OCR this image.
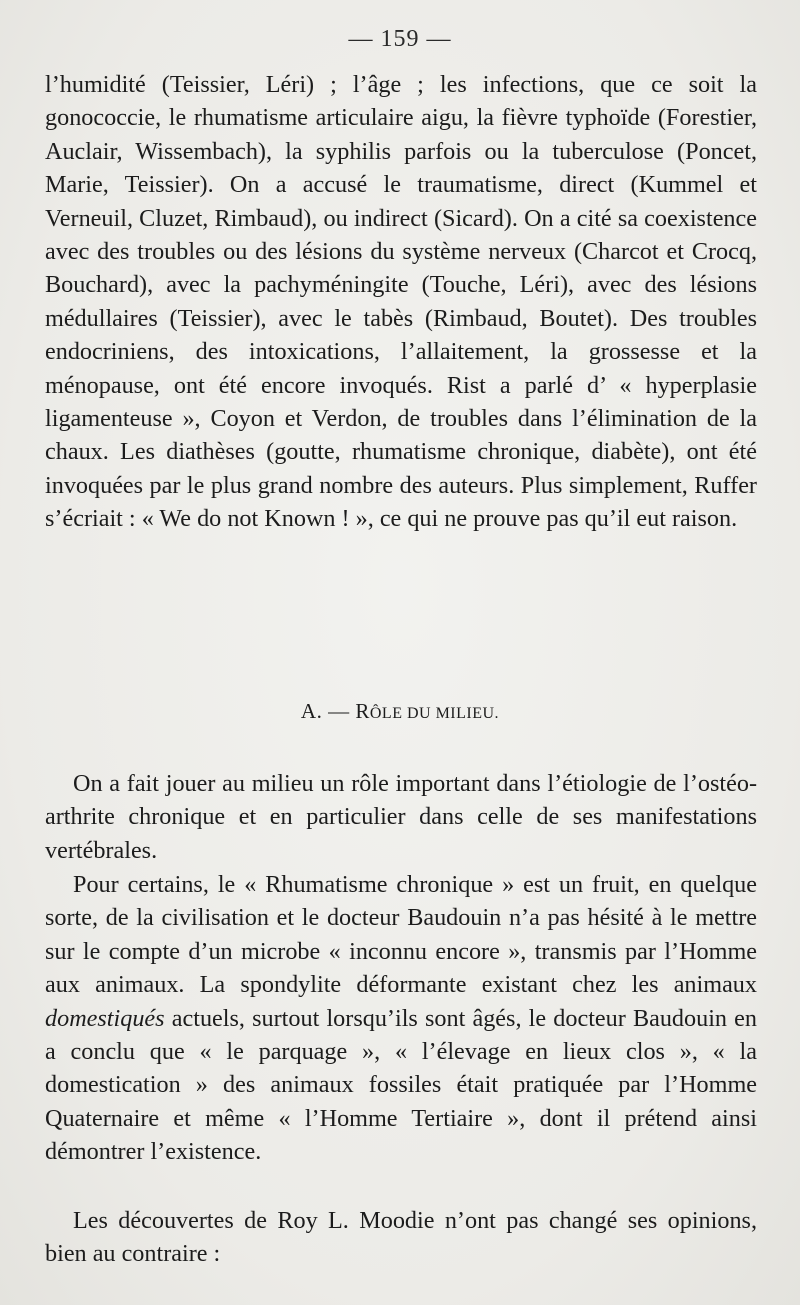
— 159 —

l’humidité (Teissier, Léri) ; l’âge ; les infections, que ce soit la gonococcie, le rhumatisme articulaire aigu, la fièvre typhoïde (Forestier, Auclair, Wissembach), la syphilis parfois ou la tuberculose (Poncet, Marie, Teissier). On a accusé le traumatisme, direct (Kummel et Verneuil, Cluzet, Rimbaud), ou indirect (Sicard). On a cité sa coexistence avec des troubles ou des lésions du système nerveux (Charcot et Crocq, Bouchard), avec la pachyméningite (Touche, Léri), avec des lésions médullaires (Teissier), avec le tabès (Rimbaud, Boutet). Des troubles endocriniens, des intoxications, l’allaitement, la grossesse et la ménopause, ont été encore invoqués. Rist a parlé d’ « hyperplasie ligamenteuse », Coyon et Verdon, de troubles dans l’élimination de la chaux. Les diathèses (goutte, rhumatisme chronique, diabète), ont été invoquées par le plus grand nombre des auteurs. Plus simplement, Ruffer s’écriait : « We do not Known ! », ce qui ne prouve pas qu’il eut raison.

A. — RÔLE DU MILIEU.

On a fait jouer au milieu un rôle important dans l’étiologie de l’ostéo-arthrite chronique et en particulier dans celle de ses manifestations vertébrales.

Pour certains, le « Rhumatisme chronique » est un fruit, en quelque sorte, de la civilisation et le docteur Baudouin n’a pas hésité à le mettre sur le compte d’un microbe « inconnu encore », transmis par l’Homme aux animaux. La spondylite déformante existant chez les animaux domestiqués actuels, surtout lorsqu’ils sont âgés, le docteur Baudouin en a conclu que « le parquage », « l’élevage en lieux clos », « la domestication » des animaux fossiles était pratiquée par l’Homme Quaternaire et même « l’Homme Tertiaire », dont il prétend ainsi démontrer l’existence.

Les découvertes de Roy L. Moodie n’ont pas changé ses opinions, bien au contraire :
